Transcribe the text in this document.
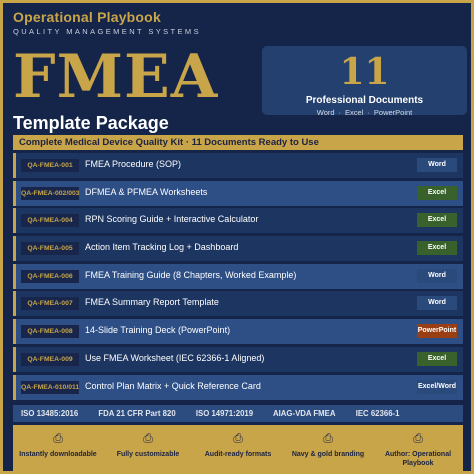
Operational Playbook
QUALITY MANAGEMENT SYSTEMS
FMEA
Template Package
11
Professional Documents
Word · Excel · PowerPoint
Complete Medical Device Quality Kit · 11 Documents Ready to Use
QA-FMEA-001	FMEA Procedure (SOP)	Word
QA-FMEA-002/003 DFMEA & PFMEA Worksheets	Excel
QA-FMEA-004	RPN Scoring Guide + Interactive Calculator	Excel
QA-FMEA-005	Action Item Tracking Log + Dashboard	Excel
QA-FMEA-006	FMEA Training Guide (8 Chapters, Worked Example)	Word
QA-FMEA-007	FMEA Summary Report Template	Word
QA-FMEA-008	14-Slide Training Deck (PowerPoint)	PowerPoint
QA-FMEA-009	Use FMEA Worksheet (IEC 62366-1 Aligned)	Excel
QA-FMEA-010/011 Control Plan Matrix + Quick Reference Card	Excel/Word
ISO 13485:2016	FDA 21 CFR Part 820	ISO 14971:2019	AIAG-VDA FMEA	IEC 62366-1
⎙
Instantly downloadable
⎙
Fully customizable
⎙
Audit-ready formats
⎙
Navy & gold branding
⎙
Author: Operational Playbook
